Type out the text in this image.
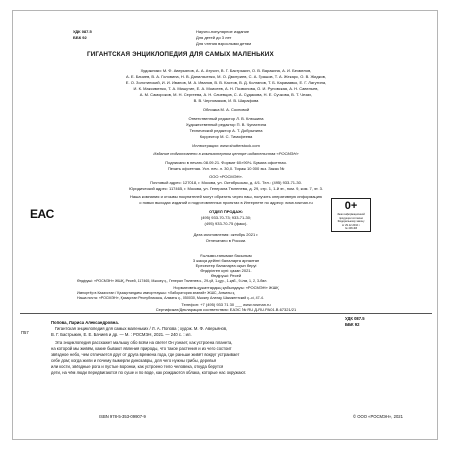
УДК 087.5
ББК 92
Научно-популярное издание
Для детей до 3 лет
Для чтения взрослыми детям
ГИГАНТСКАЯ ЭНЦИКЛОПЕДИЯ ДЛЯ САМЫХ МАЛЕНЬКИХ
Художники: М. Ф. Аверьянов, А. А. Атучин, В. Г. Бастрыкин, О. В. Варакина, А. И. Безмелов,
А. Е. Бачиев, В. А. Головина, Н. В. Данильченко, М. О. Дмитриев, С. А. Грашов, Т. А. Жекарс, О. В. Жидков,
Е. О. Золотинский, И. И. Иванов, М. А. Иванов, В. В. Кастов, В. Д. Колганов, Т. Б. Карамавко, Е. Г. Лагутина,
И. К. Максименко, Т. А. Мишутин, Е. А. Моисеев, А. Н. Позвонова, О. И. Руновская, А. Н. Савельев,
А. М. Самороков, М. Н. Сергеева, А. Н. Сачевцов, С. А. Судакова, Н. Е. Сучкова, В. Т. Чезах,
В. В. Черномазов, И. В. Шарафова
Обложка М. А. Сосновой
Ответственный редактор Л. В. Клюшина
Художественный редактор П. В. Чупахтина
Технический редактор А. Т. Добрынина
Корректор М. С. Тимофеева
Иллюстрации: www.shutterstock.com
Издание подготовлено в компьютерном центре издательства «РОСМЭН»
Подписано в печать 08.09.21. Формат 60×90⅛. Бумага офсетная.
Печать офсетная. Усл. печ. л. 30,0. Тираж 10 000 экз. Заказ №
ООО «РОСМЭН».
Почтовый адрес: 127018, г. Москва, ул. Октябрьская, д. 4/1. Тел.: (495) 933-71-30.
Юридический адрес: 117465, г. Москва, ул. Генерала Тюленева, д. 29, стр. 1, 1-й эт., пом. 9, ком. 7, эт. 3.
Наша компания и отзывы покупателей могут обратить через наш, получить оперативную информацию
о новых выходах изданий и подготовленных проектах в Интернете по адресу: www.rosman.ru
EAC	ОТДЕЛ ПРОДАЖ:
(495) 933-70-73; 933-71-30;
(495) 933-70-75 (факс).
0+
Знак информационной
продукции согласно
Федеральному закону
от 29.12.2010 г.
№ 436-ФЗ
Дата изготовления: октябрь 2021 г.
Отпечатано в России.
Ғылыми-танымал басылым
3 жасқа дейінгі балаларға арналған
Ересектер балаларға оқып беруі
Өндірілген күні: қазан 2021.
Өндіруші: Ресей
Өндіруші: «РОСМЭН» ЖШҚ, Ресей, 117465, Мәскеу қ., Генерал Тюленев к., 29-үй, 1-құр., 1-қаб., 9-ілм, 1, 2, 3-бөл.
Нормативтік-құжаттардың қабылдауы: «РОСМЭН» ЖШҚ
Импортёр в Казахстан / Қазақстандағы импорттаушы: «Лаборатория знаний» ЖШС, Алматы қ.
Наша почта: «РОСМЭН», Қазақстан Республикасы, Алматы қ., 050030, Мәскеу Алатау, Шымкентский қ.-сі, 47-4.
Телефон: +7 (495) 933 71 30 ___ www.rosman.ru
Сертификат/Декларация соответствия: ЕАЭС № RU Д-RU.РА01.В.67321/21
УДК 087.5
ББК 92
П57
Попова, Лариса Александровна.
Гигантская энциклопедия для самых маленьких / Л. А. Попова ; худож. М. Ф. Аверьянов,
В. Г. Бастрыкин, Е. Е. Бачиев и др. — М. : РОСМЭН, 2021. — 240 с. : ил.
Эта энциклопедия расскажет малышу обо всём на свете! Он узнает, как устроена планета,
на которой мы живём, какие бывают явления природы, что такое растения и из чего состоит
звёздное небо, чем отличается друг от друга времена года, где раньше живёт вокруг устраивает
себе дом; когда жили и почему вымерли динозавры, для чего нужны грибы, деревья
или кости, звёздные рога и пустые воронки, как устроено тело человека, откуда берутся
дети, на чём люди передвигаются по суше и по воде, как рождаются облака, которые нас окружают.
ISBN 978-5-353-09907-9	© ООО «РОСМЭН», 2021
